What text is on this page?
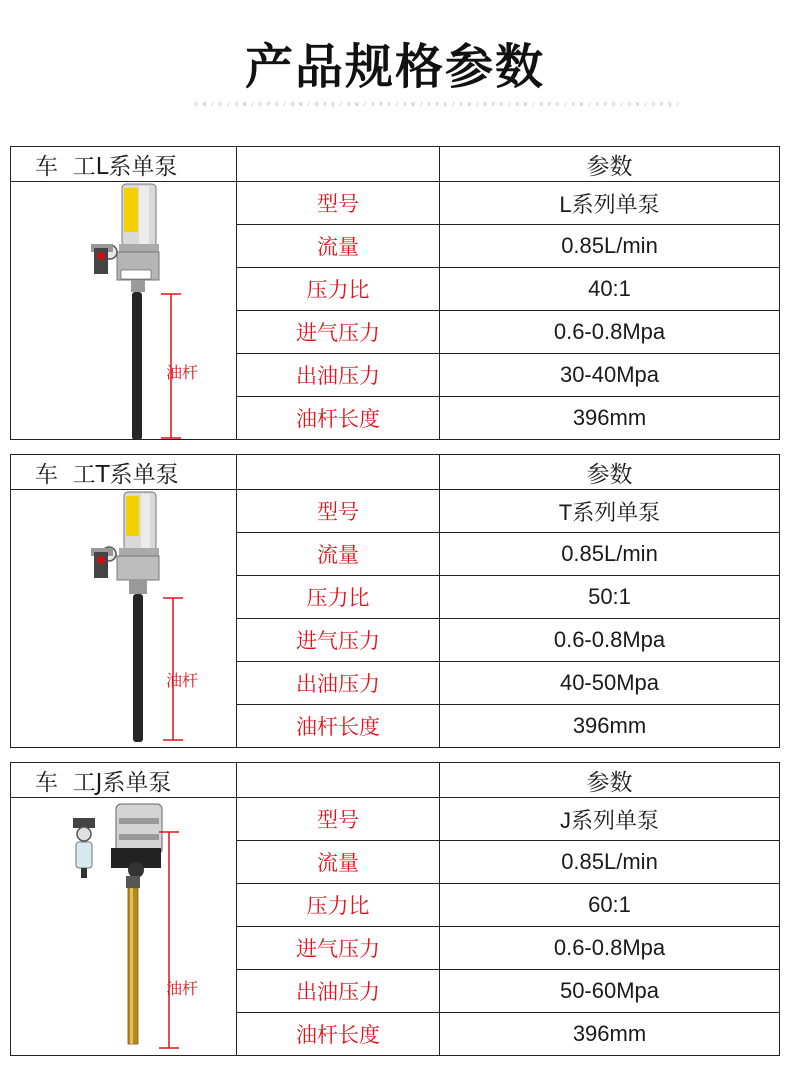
产品规格参数
D W / D / O W / D P O / D W / D P Q / O W / D P O / D W / D P Q / D W / D P O / D W / D P O / D W / D P O / D W / D P Q /
车  工L系单泵		参数

油杆	型号	L系列单泵
	流量	0.85L/min
	压力比	40:1
	进气压力	0.6-0.8Mpa
	出油压力	30-40Mpa
	油杆长度	396mm
车  工T系单泵		参数

油杆	型号	T系列单泵
	流量	0.85L/min
	压力比	50:1
	进气压力	0.6-0.8Mpa
	出油压力	40-50Mpa
	油杆长度	396mm
车  工J系单泵		参数

油杆	型号	J系列单泵
	流量	0.85L/min
	压力比	60:1
	进气压力	0.6-0.8Mpa
	出油压力	50-60Mpa
	油杆长度	396mm
